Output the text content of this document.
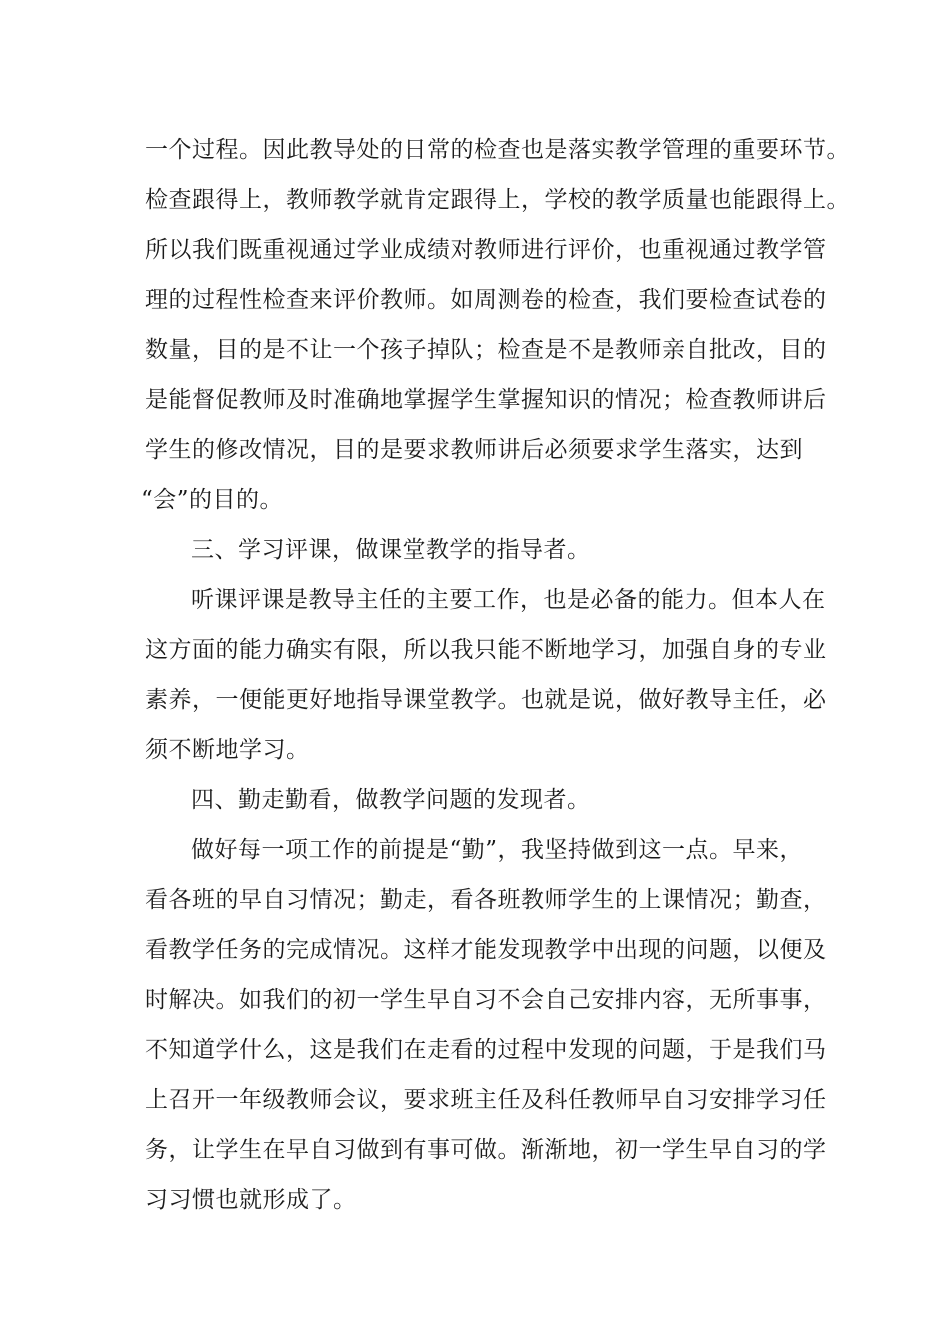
一个过程。因此教导处的日常的检查也是落实教学管理的重要环节。
检查跟得上，教师教学就肯定跟得上，学校的教学质量也能跟得上。
所以我们既重视通过学业成绩对教师进行评价，也重视通过教学管
理的过程性检查来评价教师。如周测卷的检查，我们要检查试卷的
数量，目的是不让一个孩子掉队；检查是不是教师亲自批改，目的
是能督促教师及时准确地掌握学生掌握知识的情况；检查教师讲后
学生的修改情况，目的是要求教师讲后必须要求学生落实，达到
“会”的目的。
三、学习评课，做课堂教学的指导者。
听课评课是教导主任的主要工作，也是必备的能力。但本人在
这方面的能力确实有限，所以我只能不断地学习，加强自身的专业
素养，一便能更好地指导课堂教学。也就是说，做好教导主任，必
须不断地学习。
四、勤走勤看，做教学问题的发现者。
做好每一项工作的前提是“勤”，我坚持做到这一点。早来，
看各班的早自习情况；勤走，看各班教师学生的上课情况；勤查，
看教学任务的完成情况。这样才能发现教学中出现的问题，以便及
时解决。如我们的初一学生早自习不会自己安排内容，无所事事，
不知道学什么，这是我们在走看的过程中发现的问题，于是我们马
上召开一年级教师会议，要求班主任及科任教师早自习安排学习任
务，让学生在早自习做到有事可做。渐渐地，初一学生早自习的学
习习惯也就形成了。
